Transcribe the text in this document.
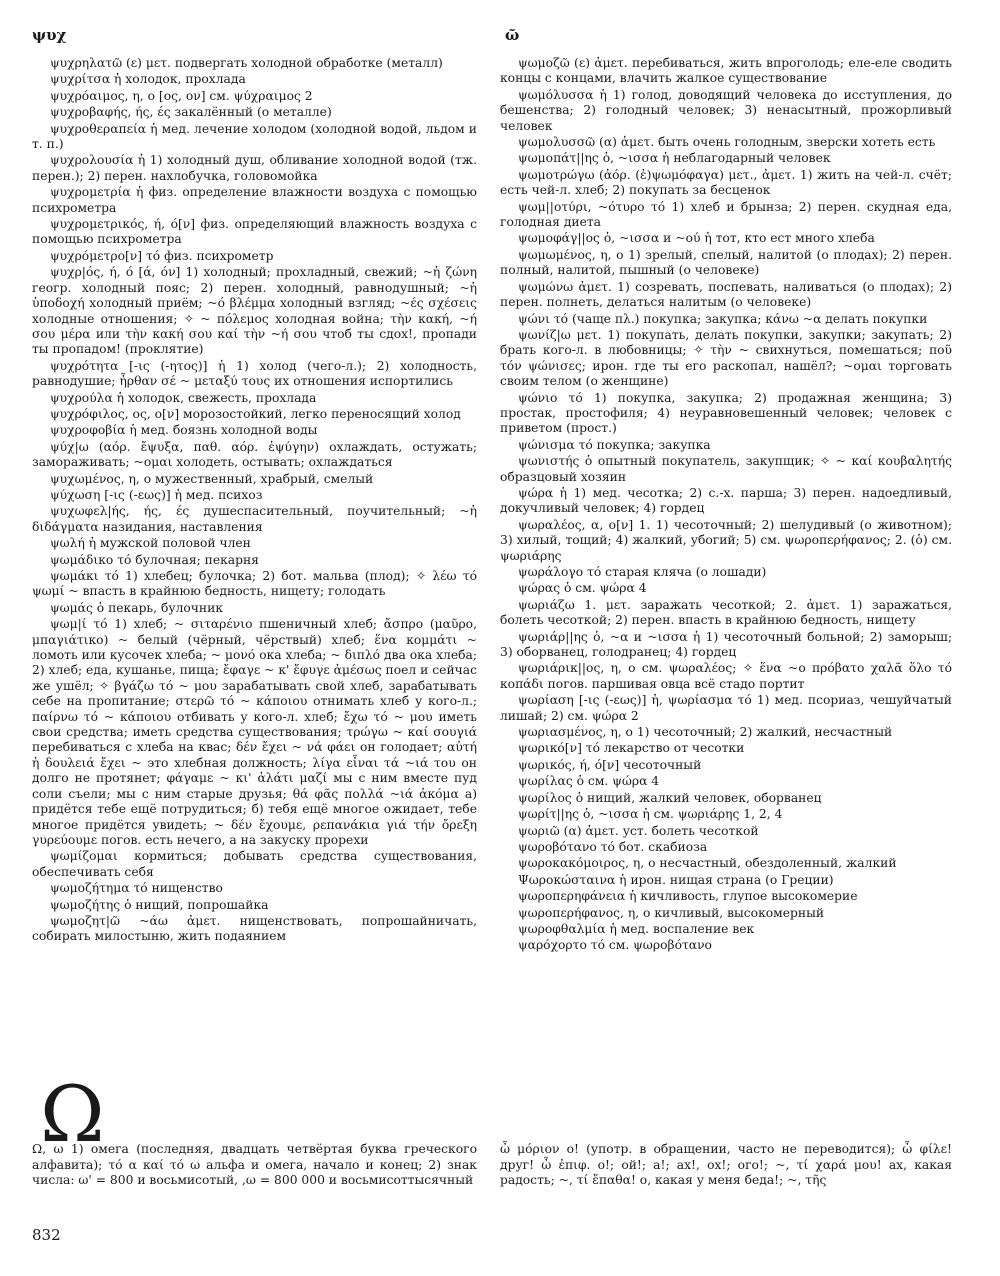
ψυχ	ῶ
ψυχρηλατῶ (ε) μετ. подвергать холодной обработке (металл)
ψυχρίτσα ἡ холодок, прохлада
ψυχρόαιμος, η, ο [ος, ον] см. ψύχραιμος 2
ψυχροβαφής, ής, ές закалённый (о металле)
ψυχροθεραπεία ἡ мед. лечение холодом (холодной водой, льдом и т. п.)
ψυχρολουσία ἡ 1) холодный душ, обливание холодной водой (тж. перен.); 2) перен. нахлобучка, головомойка
ψυχρομετρία ἡ физ. определение влажности воздуха с помощью психрометра
ψυχρομετρικός, ή, ό[ν] физ. определяющий влажность воздуха с помощью психрометра
ψυχρόμετρο[ν] τό физ. психрометр
ψυχρ|ός, ή, ό [ά, όν] 1) холодный; прохладный, свежий; ~ἡ ζώνη геогр. холодный пояс; 2) перен. холодный, равнодушный; ~ἡ ὑποδοχή холодный приём; ~ό βλέμμα холодный взгляд; ~ές σχέσεις холодные отношения; ✧ ~ πόλεμος холодная война; τὴν κακή, ~ή σου μέρα или τὴν κακή σου καί τὴν ~ή σου чтоб ты сдох!, пропади ты пропадом! (проклятие)
ψυχρότητα [-ις (-ητος)] ἡ 1) холод (чего-л.); 2) холодность, равнодушие; ἦρθαν σέ ~ μεταξύ τους их отношения испортились
ψυχρούλα ἡ холодок, свежесть, прохлада
ψυχρόφιλος, ος, ο[ν] морозостойкий, легко переносящий холод
ψυχροφοβία ἡ мед. боязнь холодной воды
ψύχ|ω (αόρ. ἔψυξα, παθ. αόρ. ἐψύγην) охлаждать, остужать; замораживать; ~ομαι холодеть, остывать; охлаждаться
ψυχωμένος, η, ο мужественный, храбрый, смелый
ψύχωση [-ις (-εως)] ἡ мед. психоз
ψυχωφελ|ής, ής, ές душеспасительный, поучительный; ~ἡ διδάγματα назидания, наставления
ψωλή ἡ мужской половой член
ψωμάδικο τό булочная; пекарня
ψωμάκι τό 1) хлебец; булочка; 2) бот. мальва (плод); ✧ λέω τό ψωμί ~ впасть в крайнюю бедность, нищету; голодать
ψωμάς ὁ пекарь, булочник
ψωμ|ί τό 1) хлеб; ~ σιταρένιο пшеничный хлеб; ἄσπρο (μαῦρο, μπαγιάτικο) ~ белый (чёрный, чёрствый) хлеб; ἕνα κομμάτι ~ ломоть или кусочек хлеба; ~ μονό ока хлеба; ~ διπλό два ока хлеба; 2) хлеб; еда, кушанье, пища; ἔφαγε ~ κ' ἔφυγε ἀμέσως поел и сейчас же ушёл; ✧ βγάζω τό ~ μου зарабатывать свой хлеб, зарабатывать себе на пропитание; στερῶ τό ~ κάποιου отнимать хлеб у кого-л.; παίρνω τό ~ κάποιου отбивать у кого-л. хлеб; ἔχω τό ~ μου иметь свои средства; иметь средства существования; τρώγω ~ καί σουγιά перебиваться с хлеба на квас; δέν ἔχει ~ νά φάει он голодает; αὐτή ἡ δουλειά ἔχει ~ это хлебная должность; λίγα εἶναι τά ~ιά του он долго не протянет; φάγαμε ~ κι' ἁλάτι μαζί мы с ним вместе пуд соли съели; мы с ним старые друзья; θά φᾶς πολλά ~ιά ἀκόμα а) придётся тебе ещё потрудиться; б) тебя ещё многое ожидает, тебе многое придётся увидеть; ~ δέν ἔχουμε, ρεπανάκια γιά τήν ὄρεξη γυρεύουμε погов. есть нечего, а на закуску прорехи
ψωμίζομαι кормиться; добывать средства существования, обеспечивать себя
ψωμοζήτημα τό нищенство
ψωμοζήτης ὁ нищий, попрошайка
ψωμοζητ|ῶ ~άω ἀμετ. нищенствовать, попрошайничать, собирать милостыню, жить подаянием
ψωμοζῶ (ε) ἀμετ. перебиваться, жить впроголодь; еле-еле сводить концы с концами, влачить жалкое существование
ψωμόλυσσα ἡ 1) голод, доводящий человека до исступления, до бешенства; 2) голодный человек; 3) ненасытный, прожорливый человек
ψωμολυσσῶ (α) ἀμετ. быть очень голодным, зверски хотеть есть
ψωμοπάτ||ης ὁ, ~ισσα ἡ неблагодарный человек
ψωμοτρώγω (ἀόρ. (ἐ)ψωμόφαγα) μετ., ἀμετ. 1) жить на чей-л. счёт; есть чей-л. хлеб; 2) покупать за бесценок
ψωμ||οτύρι, ~ότυρο τό 1) хлеб и брынза; 2) перен. скудная еда, голодная диета
ψωμοφάγ||ος ὁ, ~ισσα и ~ού ἡ тот, кто ест много хлеба
ψωμωμένος, η, ο 1) зрелый, спелый, налитой (о плодах); 2) перен. полный, налитой, пышный (о человеке)
ψωμώνω ἀμετ. 1) созревать, поспевать, наливаться (о плодах); 2) перен. полнеть, делаться налитым (о человеке)
ψώνι τό (чаще πλ.) покупка; закупка; κάνω ~α делать покупки
ψωνίζ|ω μετ. 1) покупать, делать покупки, закупки; закупать; 2) брать кого-л. в любовницы; ✧ τὴν ~ свихнуться, помешаться; ποῦ τόν ψώνισες; ирон. где ты его раскопал, нашёл?; ~ομαι торговать своим телом (о женщине)
ψώνιο τό 1) покупка, закупка; 2) продажная женщина; 3) простак, простофиля; 4) неуравновешенный человек; человек с приветом (прост.)
ψώνισμα τό покупка; закупка
ψωνιστής ὁ опытный покупатель, закупщик; ✧ ~ καί κουβαλητής образцовый хозяин
ψώρα ἡ 1) мед. чесотка; 2) с.-х. парша; 3) перен. надоедливый, докучливый человек; 4) гордец
ψωραλέος, α, ο[ν] 1. 1) чесоточный; 2) шелудивый (о животном); 3) хилый, тощий; 4) жалкий, убогий; 5) см. ψωροπερήφανος; 2. (ὁ) см. ψωριάρης
ψωράλογο τό старая кляча (о лошади)
ψώρας ὁ см. ψώρα 4
ψωριάζω 1. μετ. заражать чесоткой; 2. ἀμετ. 1) заражаться, болеть чесоткой; 2) перен. впасть в крайнюю бедность, нищету
ψωριάρ||ης ὁ, ~α и ~ισσα ἡ 1) чесоточный больной; 2) заморыш; 3) оборванец, голодранец; 4) гордец
ψωριάρικ||ος, η, ο см. ψωραλέος; ✧ ἕνα ~ο πρόβατο χαλᾶ ὅλο τό κοπάδι погов. паршивая овца всё стадо портит
ψωρίαση [-ις (-εως)] ἡ, ψωρίασμα τό 1) мед. псориаз, чешуйчатый лишай; 2) см. ψώρα 2
ψωριασμένος, η, ο 1) чесоточный; 2) жалкий, несчастный
ψωρικό[ν] τό лекарство от чесотки
ψωρικός, ή, ό[ν] чесоточный
ψωρίλας ὁ см. ψώρα 4
ψωρίλος ὁ нищий, жалкий человек, оборванец
ψωρίτ||ης ὁ, ~ισσα ἡ см. ψωριάρης 1, 2, 4
ψωριῶ (α) ἀμετ. уст. болеть чесоткой
ψωροβότανο τό бот. скабиоза
ψωροκακόμοιρος, η, ο несчастный, обездоленный, жалкий
Ψωροκώσταινα ἡ ирон. нищая страна (о Греции)
ψωροπερηφάνεια ἡ кичливость, глупое высокомерие
ψωροπερήφανος, η, ο кичливый, высокомерный
ψωροφθαλμία ἡ мед. воспаление век
ψαρόχορτο τό см. ψωροβότανο
Ω
Ω, ω 1) омега (последняя, двадцать четвёртая буква греческого алфавита); τό α καί τό ω альфа и омега, начало и конец; 2) знак числа: ω' = 800 и восьмисотый, ,ω = 800 000 и восьмисоттысячный
ὦ μόριον о! (употр. в обращении, часто не переводится); ὦ φίλε! друг! ὦ ἐπιφ. о!; ой!; а!; ах!, ох!; ого!; ~, τί χαρά μου! ах, какая радость; ~, τί ἔπαθα! о, какая у меня беда!; ~, τῆς
832
